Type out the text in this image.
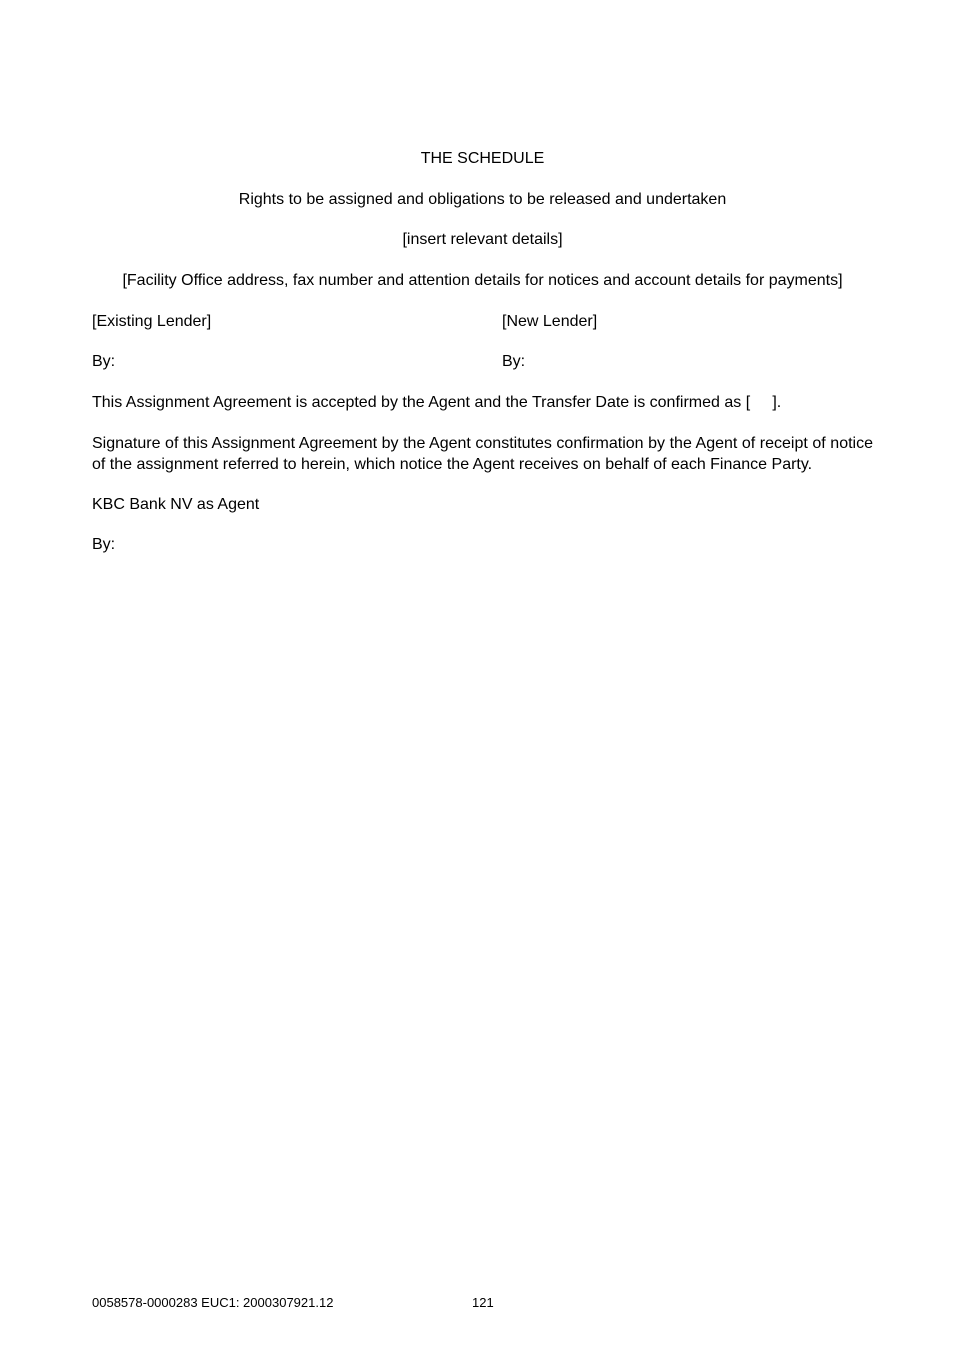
THE SCHEDULE
Rights to be assigned and obligations to be released and undertaken
[insert relevant details]
[Facility Office address, fax number and attention details for notices and account details for payments]
[Existing Lender]	[New Lender]
By:	By:
This Assignment Agreement is accepted by the Agent and the Transfer Date is confirmed as [     ].
Signature of this Assignment Agreement by the Agent constitutes confirmation by the Agent of receipt of notice of the assignment referred to herein, which notice the Agent receives on behalf of each Finance Party.
KBC Bank NV as Agent
By:
0058578-0000283 EUC1: 2000307921.12	121
